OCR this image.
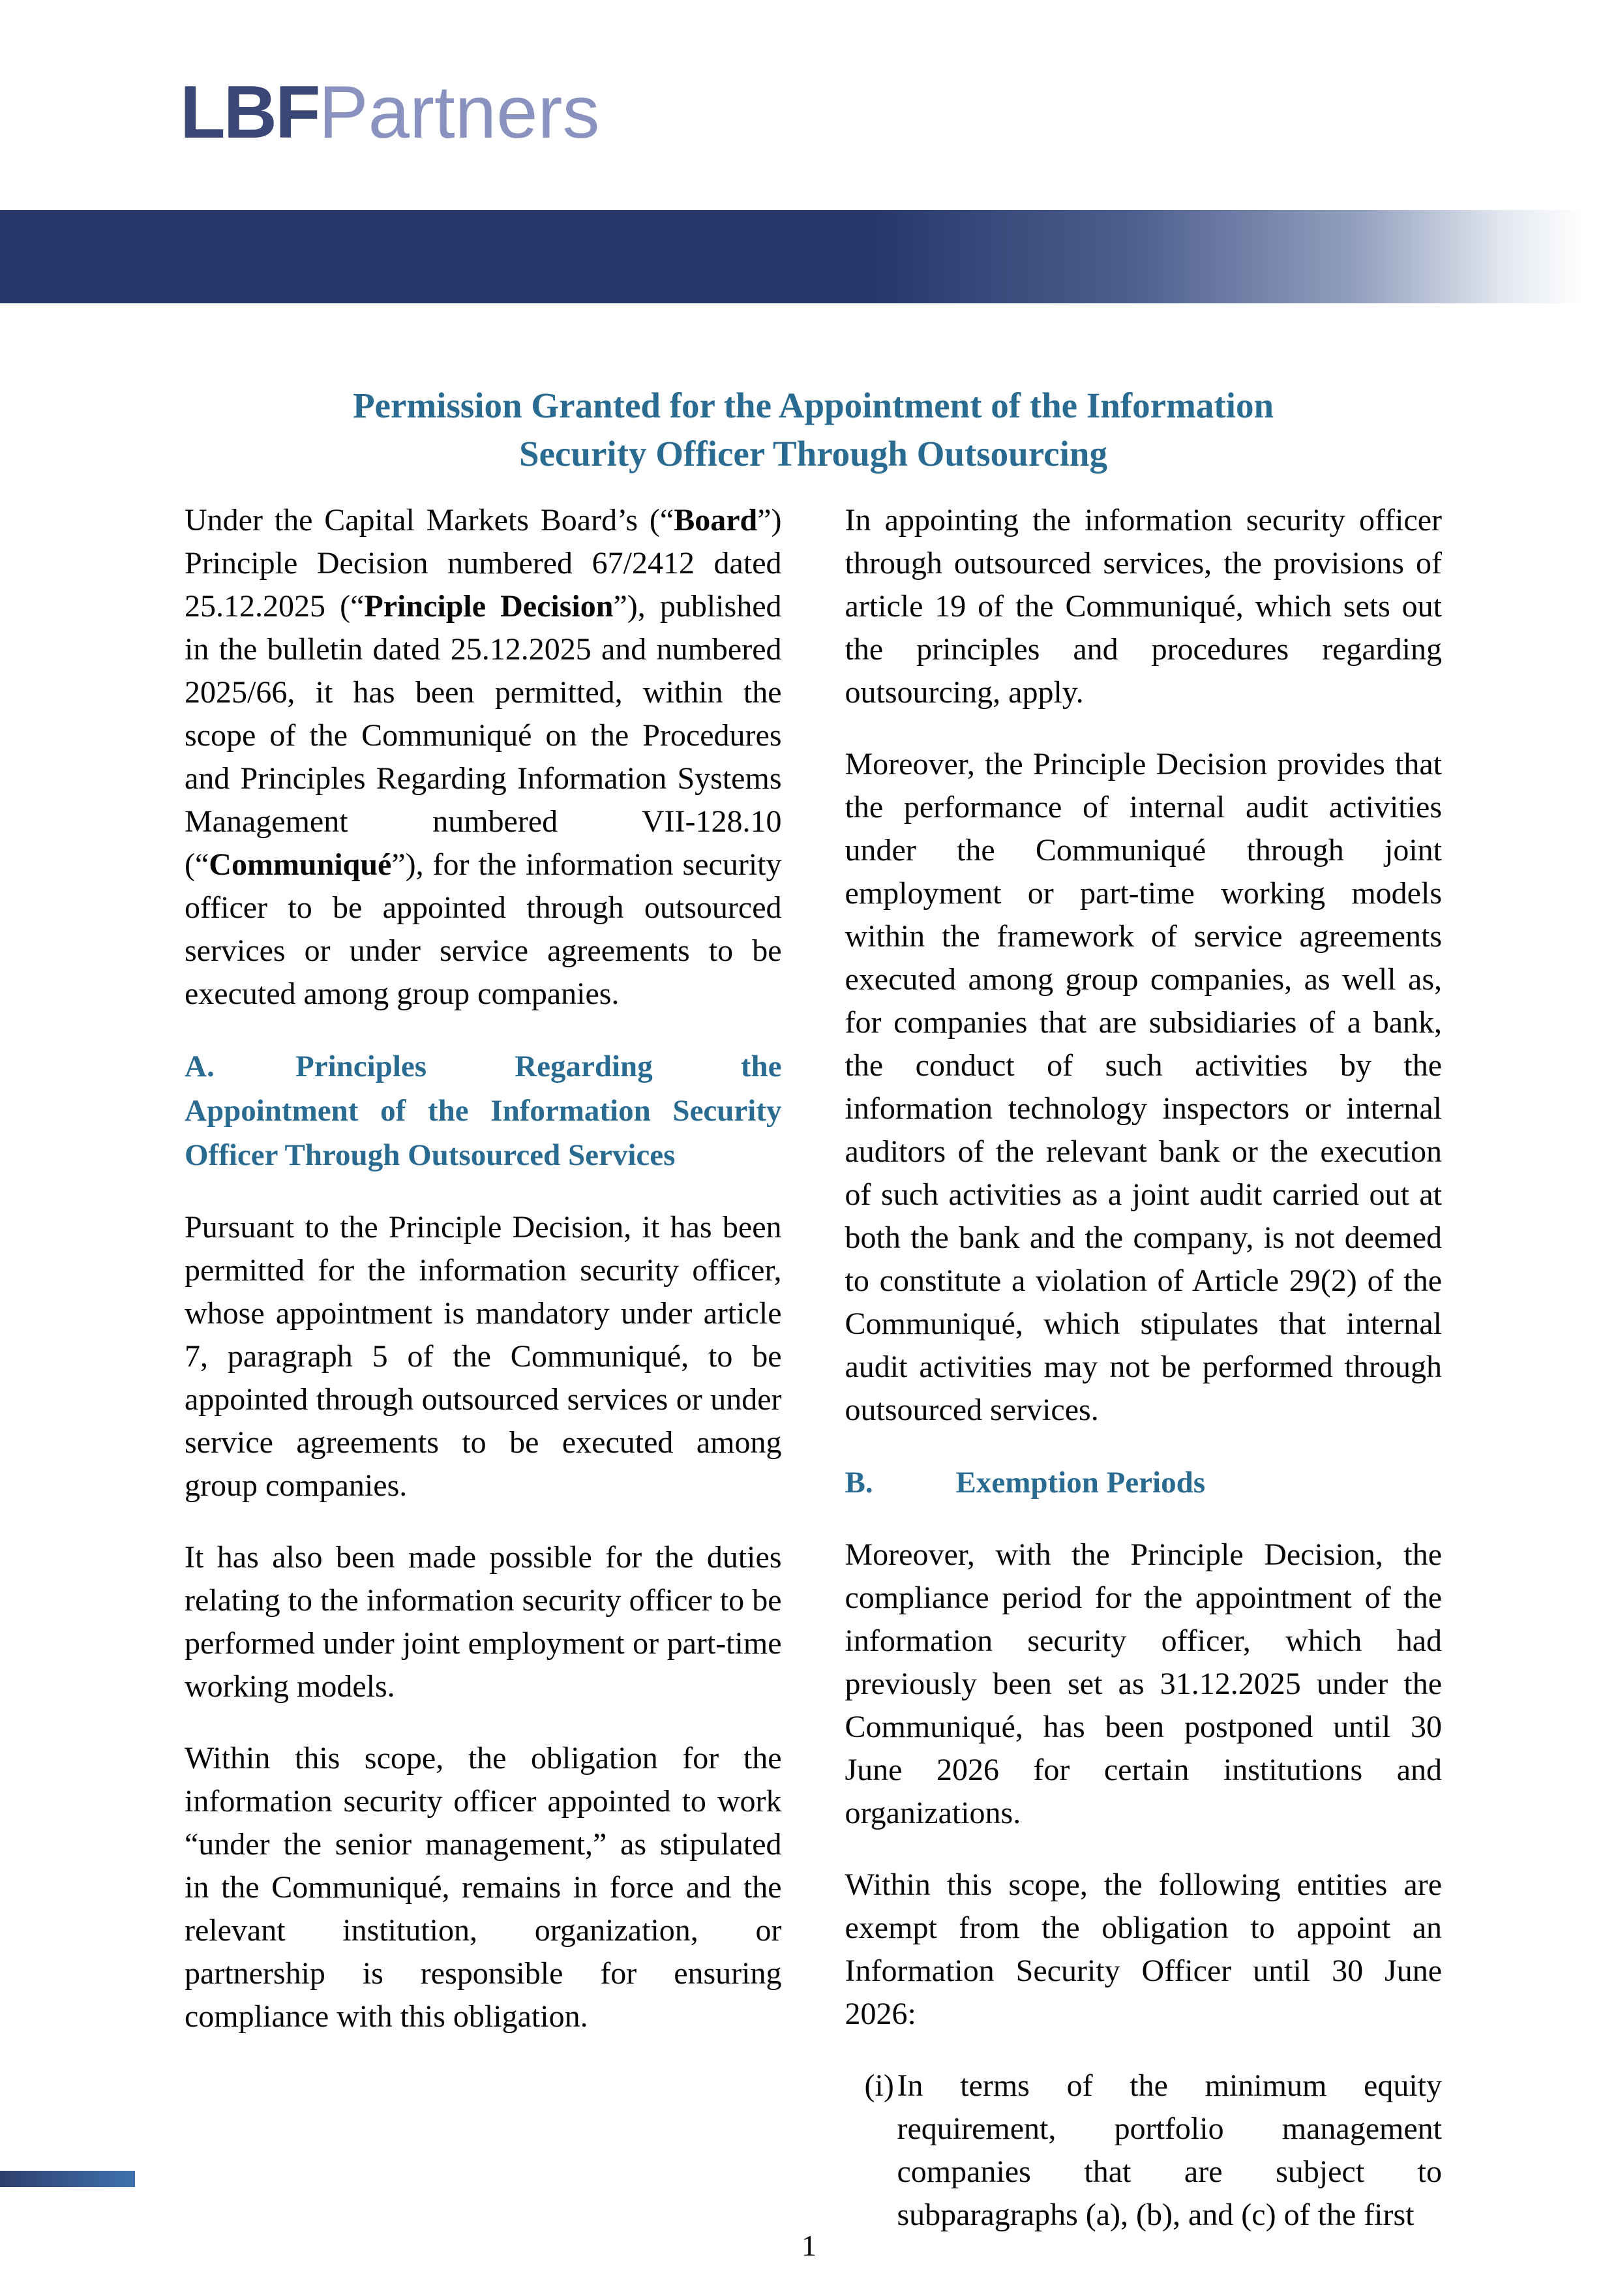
LBFPartners
Permission Granted for the Appointment of the Information
Security Officer Through Outsourcing

Under the Capital Markets Board’s (“Board”) Principle Decision numbered 67/2412 dated 25.12.2025 (“Principle Decision”), published in the bulletin dated 25.12.2025 and numbered 2025/66, it has been permitted, within the scope of the Communiqué on the Procedures and Principles Regarding Information Systems Management numbered VII-128.10 (“Communiqué”), for the information security officer to be appointed through outsourced services or under service agreements to be executed among group companies.

A.	Principles Regarding the Appointment of the Information Security Officer Through Outsourced Services

Pursuant to the Principle Decision, it has been permitted for the information security officer, whose appointment is mandatory under article 7, paragraph 5 of the Communiqué, to be appointed through outsourced services or under service agreements to be executed among group companies.

It has also been made possible for the duties relating to the information security officer to be performed under joint employment or part-time working models.

Within this scope, the obligation for the information security officer appointed to work “under the senior management,” as stipulated in the Communiqué, remains in force and the relevant institution, organization, or partnership is responsible for ensuring compliance with this obligation.

In appointing the information security officer through outsourced services, the provisions of article 19 of the Communiqué, which sets out the principles and procedures regarding outsourcing, apply.

Moreover, the Principle Decision provides that the performance of internal audit activities under the Communiqué through joint employment or part-time working models within the framework of service agreements executed among group companies, as well as, for companies that are subsidiaries of a bank, the conduct of such activities by the information technology inspectors or internal auditors of the relevant bank or the execution of such activities as a joint audit carried out at both the bank and the company, is not deemed to constitute a violation of Article 29(2) of the Communiqué, which stipulates that internal audit activities may not be performed through outsourced services.

B.	Exemption Periods

Moreover, with the Principle Decision, the compliance period for the appointment of the information security officer, which had previously been set as 31.12.2025 under the Communiqué, has been postponed until 30 June 2026 for certain institutions and organizations.

Within this scope, the following entities are exempt from the obligation to appoint an Information Security Officer until 30 June 2026:

(i) In terms of the minimum equity requirement, portfolio management companies that are subject to subparagraphs (a), (b), and (c) of the first
1
